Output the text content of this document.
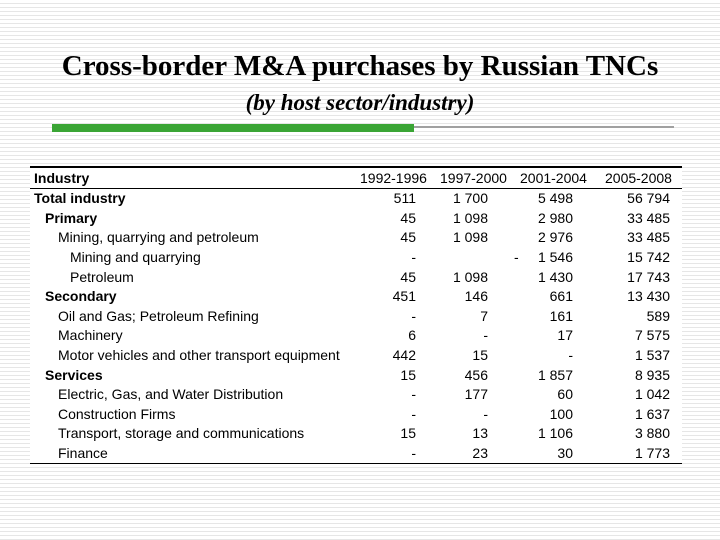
Cross-border M&A purchases by Russian TNCs
(by host sector/industry)
Industry	1992-1996	1997-2000	2001-2004	2005-2008
Total industry	511	1 700	5 498	56 794
Primary	45	1 098	2 980	33 485
Mining, quarrying and petroleum	45	1 098	2 976	33 485
Mining and quarrying	-		- 1 546	15 742
Petroleum	45	1 098	1 430	17 743
Secondary	451	146	661	13 430
Oil and Gas; Petroleum Refining	-	7	161	589
Machinery	6	-	17	7 575
Motor vehicles and other transport equipment	442	15	-	1 537
Services	15	456	1 857	8 935
Electric, Gas, and Water Distribution	-	177	60	1 042
Construction Firms	-	-	100	1 637
Transport, storage and communications	15	13	1 106	3 880
Finance	-	23	30	1 773
